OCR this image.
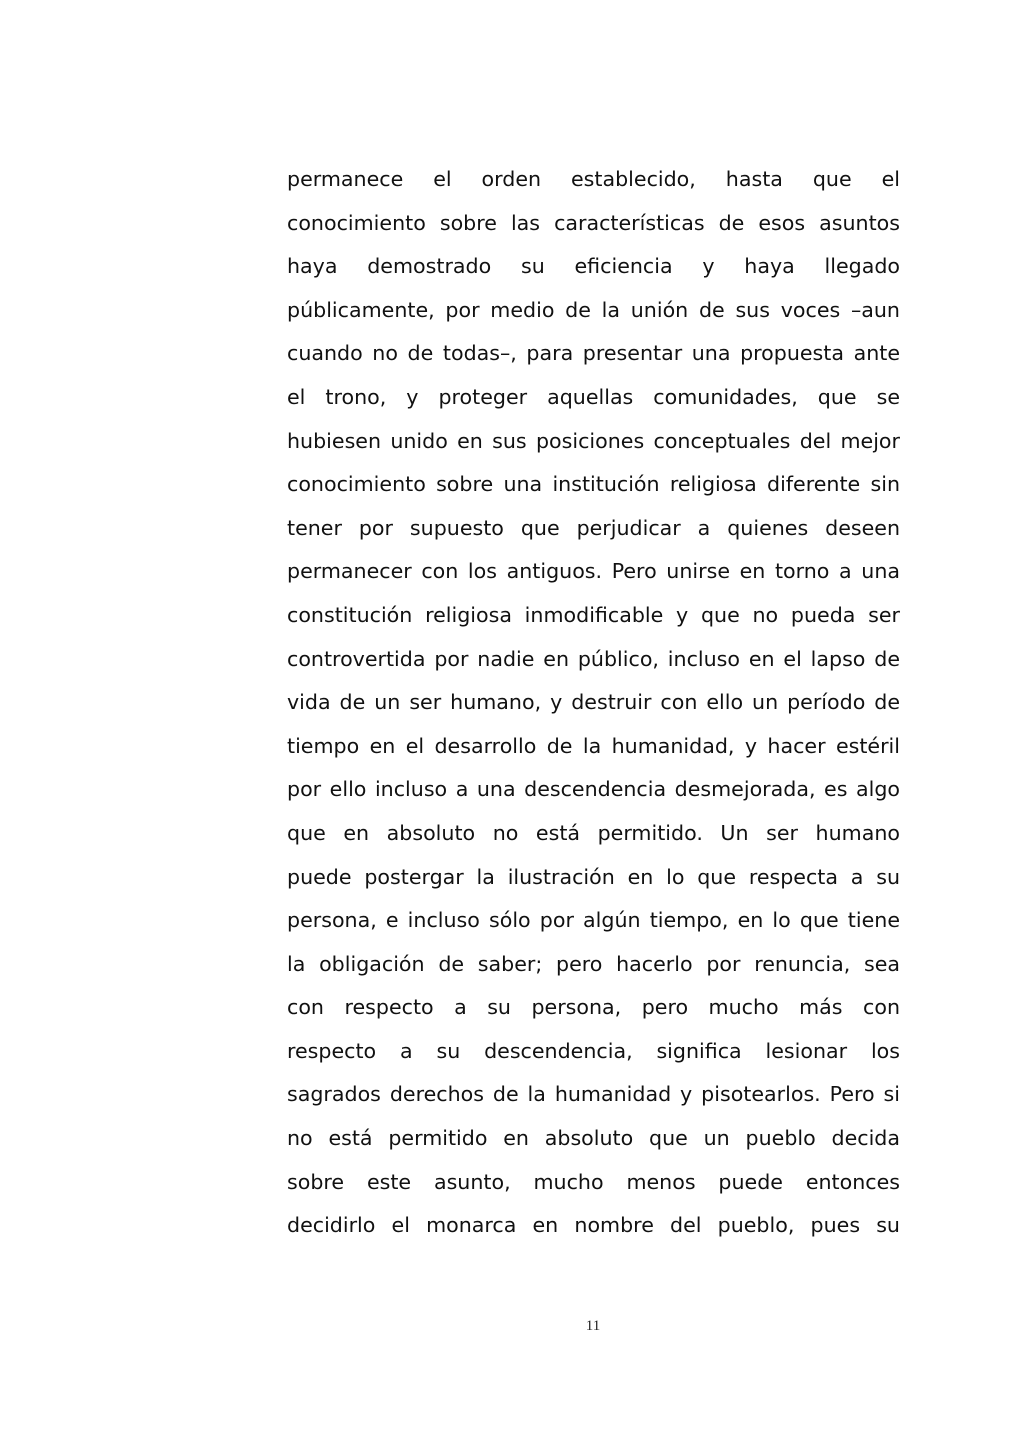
permanece el orden establecido, hasta que el
conocimiento sobre las características de esos asuntos
haya demostrado su eficiencia y haya llegado
públicamente, por medio de la unión de sus voces –aun
cuando no de todas–, para presentar una propuesta ante
el trono, y proteger aquellas comunidades, que se
hubiesen unido en sus posiciones conceptuales del mejor
conocimiento sobre una institución religiosa diferente sin
tener por supuesto que perjudicar a quienes deseen
permanecer con los antiguos. Pero unirse en torno a una
constitución religiosa inmodificable y que no pueda ser
controvertida por nadie en público, incluso en el lapso de
vida de un ser humano, y destruir con ello un período de
tiempo en el desarrollo de la humanidad, y hacer estéril
por ello incluso a una descendencia desmejorada, es algo
que en absoluto no está permitido. Un ser humano
puede postergar la ilustración en lo que respecta a su
persona, e incluso sólo por algún tiempo, en lo que tiene
la obligación de saber; pero hacerlo por renuncia, sea
con respecto a su persona, pero mucho más con
respecto a su descendencia, significa lesionar los
sagrados derechos de la humanidad y pisotearlos. Pero si
no está permitido en absoluto que un pueblo decida
sobre este asunto, mucho menos puede entonces
decidirlo el monarca en nombre del pueblo, pues su
11
